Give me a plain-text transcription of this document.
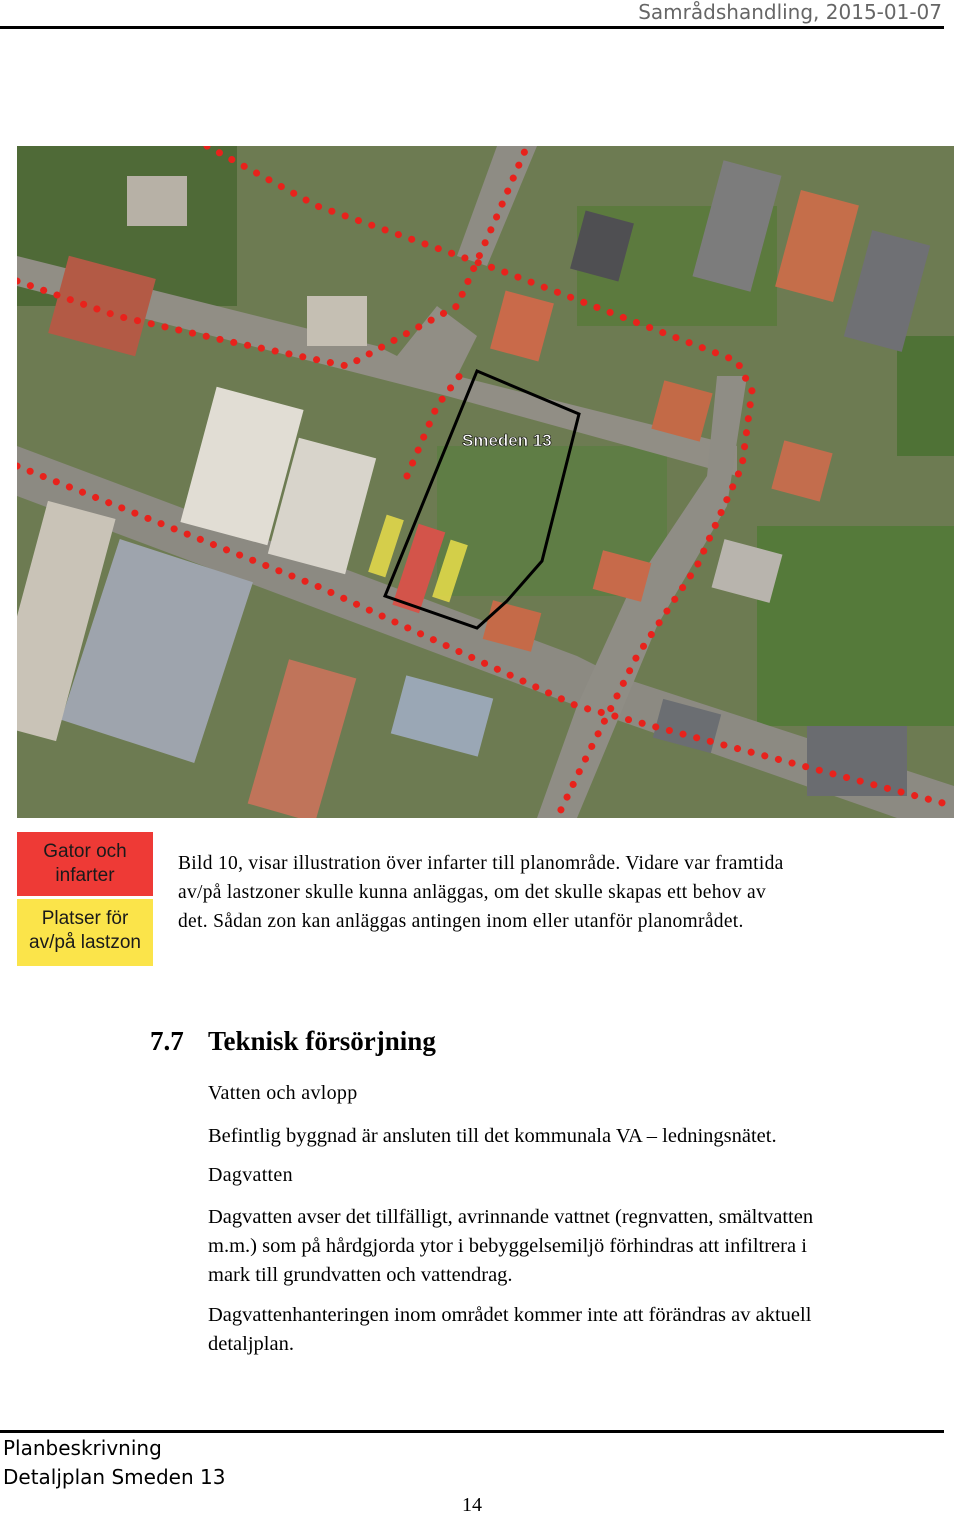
Samrådshandling, 2015-01-07
Smeden 13
Gator och
infarter
Platser för
av/på lastzon
Bild 10, visar illustration över infarter till planområde. Vidare var framtida
av/på lastzoner skulle kunna anläggas, om det skulle skapas ett behov av
det. Sådan zon kan anläggas antingen inom eller utanför planområdet.
7.7 Teknisk försörjning
Vatten och avlopp
Befintlig byggnad är ansluten till det kommunala VA – ledningsnätet.
Dagvatten
Dagvatten avser det tillfälligt, avrinnande vattnet (regnvatten, smältvatten
m.m.) som på hårdgjorda ytor i bebyggelsemiljö förhindras att infiltrera i
mark till grundvatten och vattendrag.
Dagvattenhanteringen inom området kommer inte att förändras av aktuell
detaljplan.
Planbeskrivning
Detaljplan Smeden 13
14
